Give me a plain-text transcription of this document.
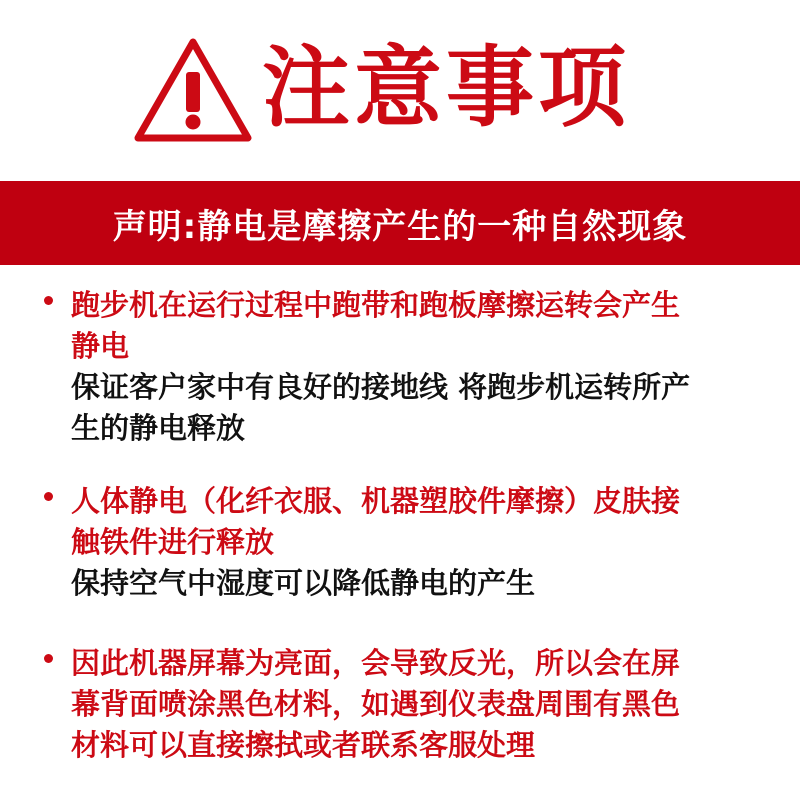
注意事项
声明:静电是摩擦产生的一种自然现象
跑步机在运行过程中跑带和跑板摩擦运转会产生
静电
保证客户家中有良好的接地线 将跑步机运转所产
生的静电释放
人体静电（化纤衣服、机器塑胶件摩擦）皮肤接
触铁件进行释放
保持空气中湿度可以降低静电的产生
因此机器屏幕为亮面，会导致反光，所以会在屏
幕背面喷涂黑色材料，如遇到仪表盘周围有黑色
材料可以直接擦拭或者联系客服处理
